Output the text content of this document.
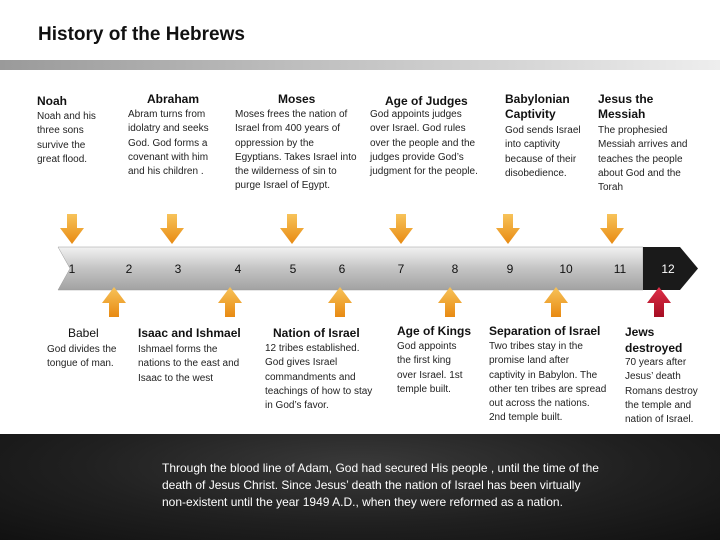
History of the Hebrews
Noah
Noah and his three sons survive the great flood.
Abraham
Abram turns from idolatry and seeks God. God forms a covenant with him and his children .
Moses
Moses frees the nation of Israel from 400 years of oppression by the Egyptians. Takes Israel into the wilderness of sin to purge Israel of Egypt.
Age of Judges
God appoints judges over Israel. God rules over the people and the judges provide God’s judgment for the people.
Babylonian Captivity
God sends Israel into captivity because of their disobedience.
Jesus the Messiah
The prophesied Messiah arrives and teaches the people about God and the Torah
1	2	3	4	5	6	7	8	9	10	11	12
Babel
God divides the tongue of man.
Isaac and Ishmael
Ishmael forms the nations to the east and Isaac to the west
Nation of Israel
12 tribes established. God gives Israel commandments and teachings of how to stay in God’s favor.
Age of Kings
God appoints the first king over Israel. 1st temple built.
Separation of Israel
Two tribes stay in the promise land after captivity in Babylon. The other ten tribes are spread out across the nations. 2nd temple built.
Jews destroyed
70 years after Jesus’ death Romans destroy the temple and nation of Israel.
Through the blood line of Adam, God had secured His people , until the time of the death of Jesus Christ. Since Jesus’ death the nation of Israel has been virtually non-existent until the year 1949 A.D., when they were reformed as a nation.
